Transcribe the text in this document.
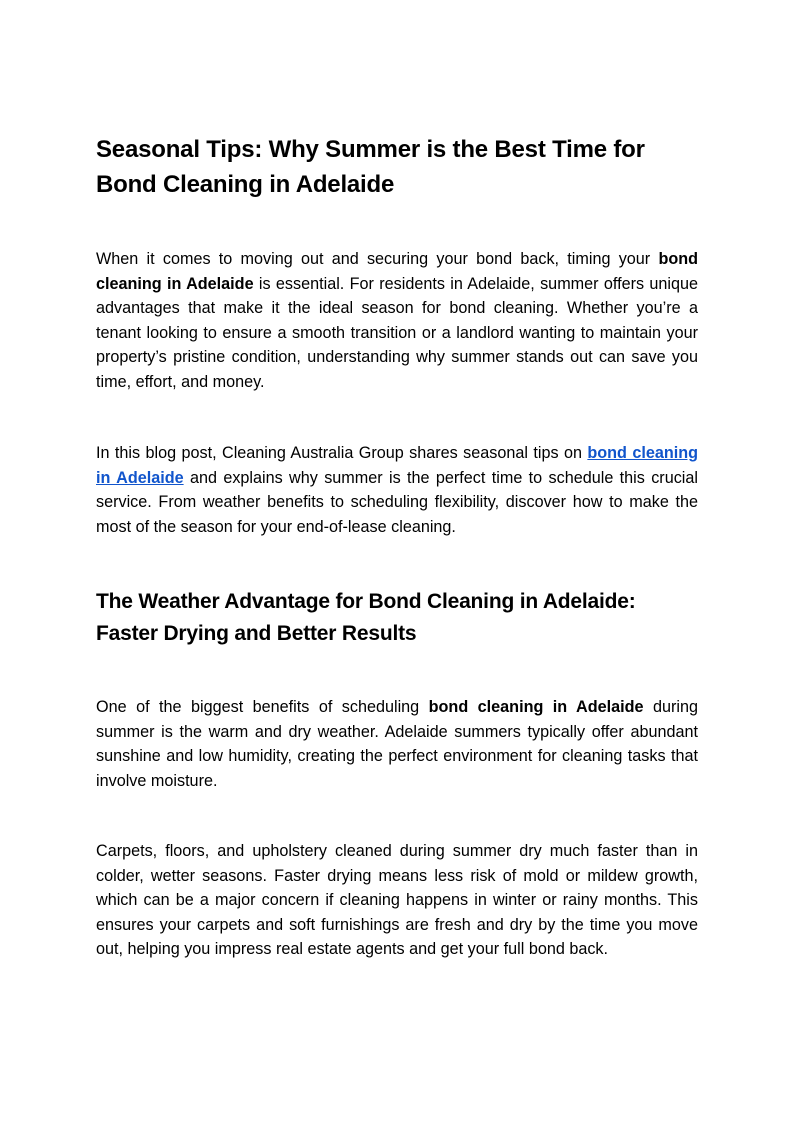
Seasonal Tips: Why Summer is the Best Time for Bond Cleaning in Adelaide

When it comes to moving out and securing your bond back, timing your bond cleaning in Adelaide is essential. For residents in Adelaide, summer offers unique advantages that make it the ideal season for bond cleaning. Whether you’re a tenant looking to ensure a smooth transition or a landlord wanting to maintain your property’s pristine condition, understanding why summer stands out can save you time, effort, and money.

In this blog post, Cleaning Australia Group shares seasonal tips on bond cleaning in Adelaide and explains why summer is the perfect time to schedule this crucial service. From weather benefits to scheduling flexibility, discover how to make the most of the season for your end-of-lease cleaning.

The Weather Advantage for Bond Cleaning in Adelaide: Faster Drying and Better Results

One of the biggest benefits of scheduling bond cleaning in Adelaide during summer is the warm and dry weather. Adelaide summers typically offer abundant sunshine and low humidity, creating the perfect environment for cleaning tasks that involve moisture.

Carpets, floors, and upholstery cleaned during summer dry much faster than in colder, wetter seasons. Faster drying means less risk of mold or mildew growth, which can be a major concern if cleaning happens in winter or rainy months. This ensures your carpets and soft furnishings are fresh and dry by the time you move out, helping you impress real estate agents and get your full bond back.
